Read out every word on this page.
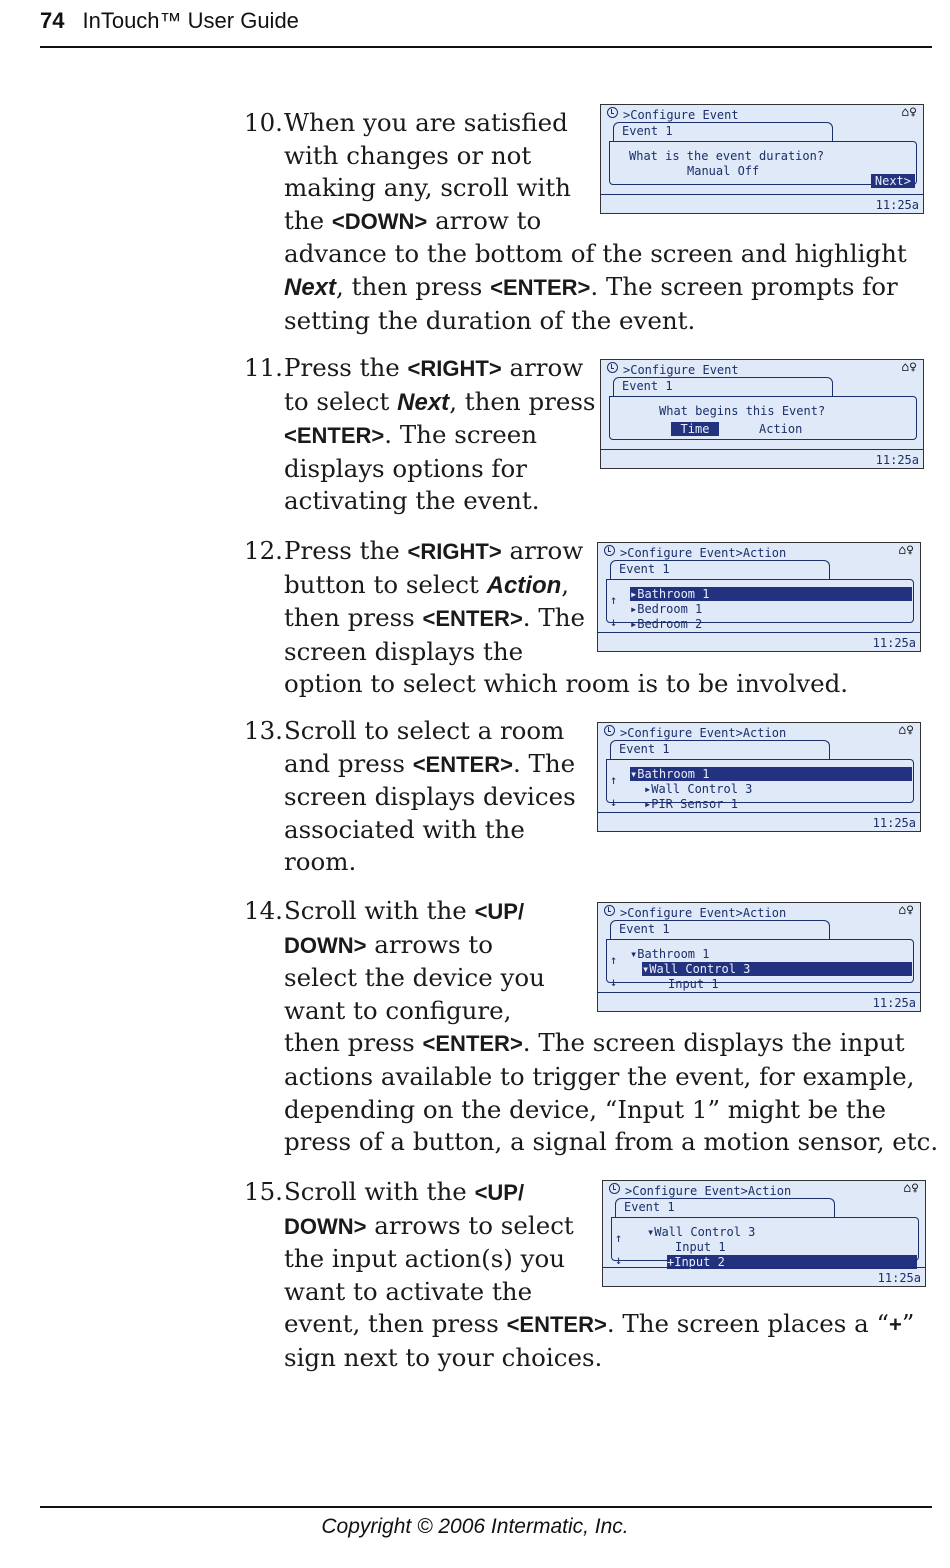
74 InTouch™ User Guide
10. When you are satisfied
with changes or not
making any, scroll with
the <DOWN> arrow to
advance to the bottom of the screen and highlight
Next, then press <ENTER>. The screen prompts for
setting the duration of the event.
11. Press the <RIGHT> arrow
to select Next, then press
<ENTER>. The screen
displays options for
activating the event.
12. Press the <RIGHT> arrow
button to select Action,
then press <ENTER>. The
screen displays the
option to select which room is to be involved.
13. Scroll to select a room
and press <ENTER>. The
screen displays devices
associated with the
room.
14. Scroll with the <UP/
DOWN> arrows to
select the device you
want to configure,
then press <ENTER>. The screen displays the input
actions available to trigger the event, for example,
depending on the device, “Input 1” might be the
press of a button, a signal from a motion sensor, etc.
15. Scroll with the <UP/
DOWN> arrows to select
the input action(s) you
want to activate the
event, then press <ENTER>. The screen places a “+”
sign next to your choices.
>Configure Event	⌂♀
Event 1
What is the event duration?
Manual Off
Next>
11:25a
>Configure Event	⌂♀
Event 1
What begins this Event?
Time	Action
11:25a
>Configure Event>Action	⌂♀
Event 1
▸Bathroom 1
▸Bedroom 1
▸Bedroom 2
↑
↓
11:25a
>Configure Event>Action	⌂♀
Event 1
▾Bathroom 1
▸Wall Control 3
▸PIR Sensor 1
↑
↓
11:25a
>Configure Event>Action	⌂♀
Event 1
▾Bathroom 1
▾Wall Control 3
Input 1
↑
↓
11:25a
>Configure Event>Action	⌂♀
Event 1
▾Wall Control 3
Input 1
+Input 2
↑
↓
11:25a
Copyright © 2006 Intermatic, Inc.
